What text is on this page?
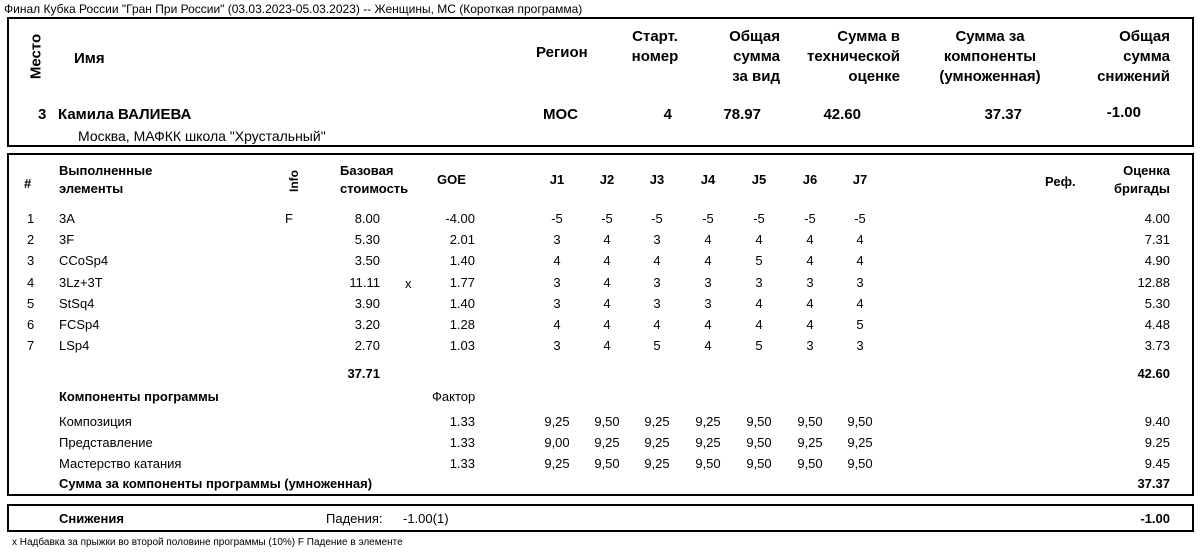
Финал Кубка России "Гран При России" (03.03.2023-05.03.2023) -- Женщины, МС (Короткая программа)
Место Имя	Регион
Старт.
номер
Общая
сумма
за вид
Сумма в
технической
оценке
Сумма за
компоненты
(умноженная)
Общая
сумма
снижений
3 Камила ВАЛИЕВА
Москва, МАФКК школа "Хрустальный"
MOC	4	78.97	42.60	37.37	-1.00
#
Выполненные
элементы	Info	Базовая
стоимость
GOE	J1	J2	J3	J4	J5	J6	J7	Реф.
Оценка
бригады
1 3A	F	8.00	-4.00	-5	-5	-5	-5	-5	-5	-5	4.00
2 3F	5.30	2.01	3	4	3	4	4	4	4	7.31
3 CCoSp4	3.50	1.40	4	4	4	4	5	4	4	4.90
4 3Lz+3T	11.11 x	1.77	3	4	3	3	3	3	3	12.88
5 StSq4	3.90	1.40	3	4	3	3	4	4	4	5.30
6 FCSp4	3.20	1.28	4	4	4	4	4	4	5	4.48
7 LSp4	2.70	1.03	3	4	5	4	5	3	3	3.73
37.71	42.60
Компоненты программы	Фактор
Композиция	1.33	9,25	9,50	9,25	9,25	9,50	9,50	9,50	9.40
Представление	1.33	9,00	9,25	9,25	9,25	9,50	9,25	9,25	9.25
Мастерство катания	1.33	9,25	9,50	9,25	9,50	9,50	9,50	9,50	9.45
Сумма за компоненты программы (умноженная)	37.37
Снижения	Падения: -1.00(1)	-1.00
x Надбавка за прыжки во второй половине программы (10%) F Падение в элементе
